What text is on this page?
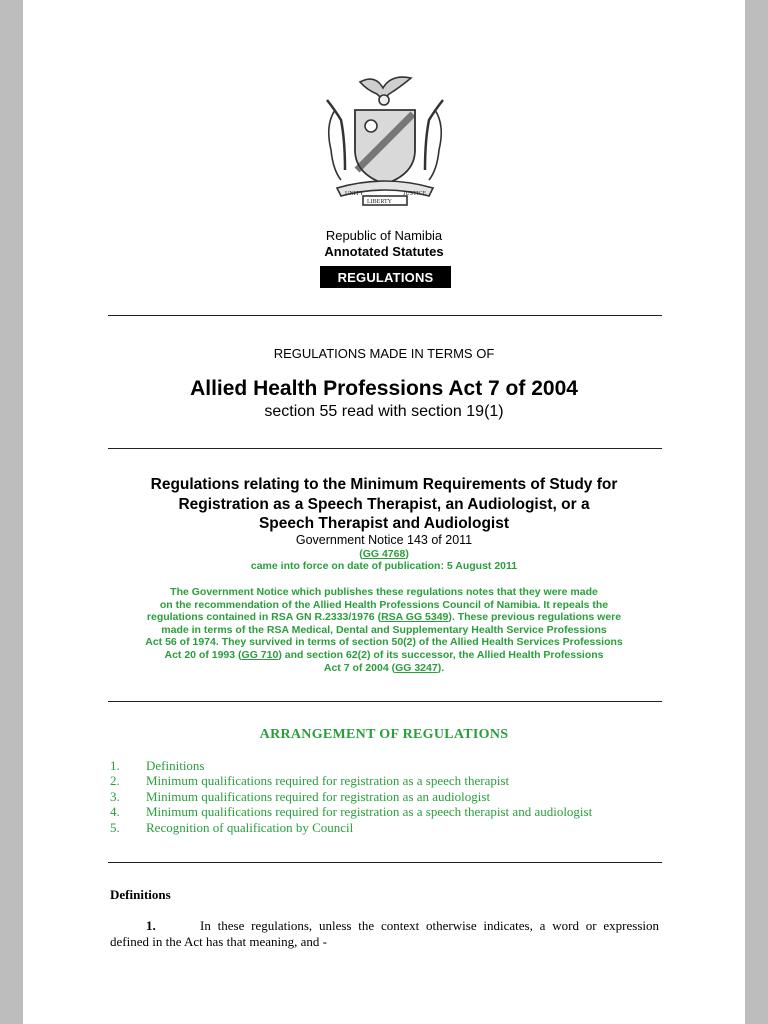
UNITY
LIBERTY
JUSTICE
Republic of Namibia
Annotated Statutes
REGULATIONS
REGULATIONS MADE IN TERMS OF
Allied Health Professions Act 7 of 2004
section 55 read with section 19(1)
Regulations relating to the Minimum Requirements of Study for
Registration as a Speech Therapist, an Audiologist, or a
Speech Therapist and Audiologist
Government Notice 143 of 2011
(GG 4768)
came into force on date of publication: 5 August 2011
The Government Notice which publishes these regulations notes that they were made
on the recommendation of the Allied Health Professions Council of Namibia. It repeals the
regulations contained in RSA GN R.2333/1976 (RSA GG 5349). These previous regulations were
made in terms of the RSA Medical, Dental and Supplementary Health Service Professions
Act 56 of 1974. They survived in terms of section 50(2) of the Allied Health Services Professions
Act 20 of 1993 (GG 710) and section 62(2) of its successor, the Allied Health Professions
Act 7 of 2004 (GG 3247).
ARRANGEMENT OF REGULATIONS
1.	Definitions
2.	Minimum qualifications required for registration as a speech therapist
3.	Minimum qualifications required for registration as an audiologist
4.	Minimum qualifications required for registration as a speech therapist and audiologist
5.	Recognition of qualification by Council
Definitions
1.	In these regulations, unless the context otherwise indicates, a word or expression
defined in the Act has that meaning, and -
